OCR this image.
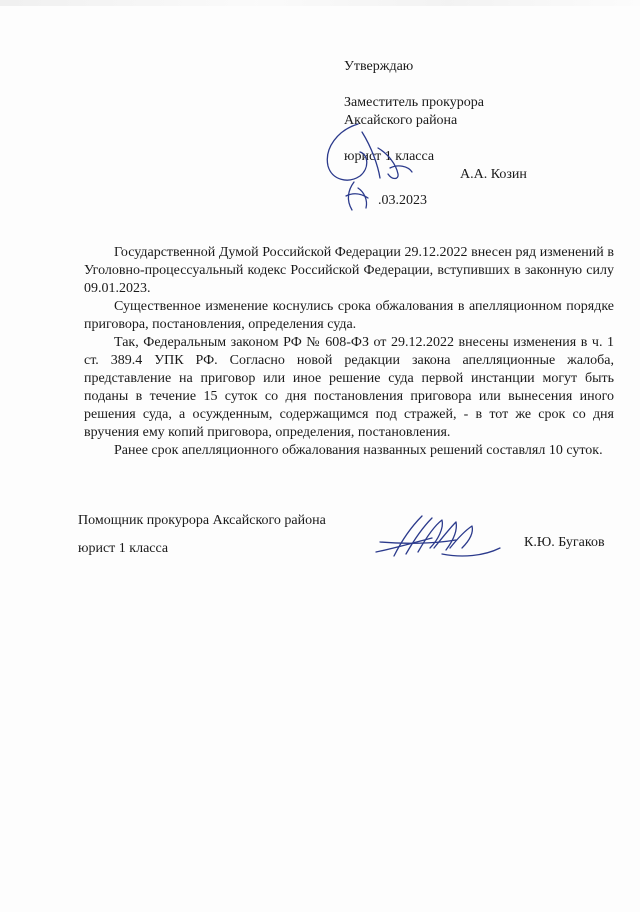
Утверждаю
Заместитель прокурора
Аксайского района
юрист 1 класса
А.А. Козин
.03.2023

Государственной Думой Российской Федерации 29.12.2022 внесен ряд изменений в Уголовно-процессуальный кодекс Российской Федерации, вступивших в законную силу 09.01.2023.

Существенное изменение коснулись срока обжалования в апелляционном порядке приговора, постановления, определения суда.

Так, Федеральным законом РФ № 608-ФЗ от 29.12.2022 внесены изменения в ч. 1 ст. 389.4 УПК РФ. Согласно новой редакции закона апелляционные жалоба, представление на приговор или иное решение суда первой инстанции могут быть поданы в течение 15 суток со дня постановления приговора или вынесения иного решения суда, а осужденным, содержащимся под стражей, - в тот же срок со дня вручения ему копий приговора, определения, постановления.

Ранее срок апелляционного обжалования названных решений составлял 10 суток.

Помощник прокурора Аксайского района
юрист 1 класса	К.Ю. Бугаков
